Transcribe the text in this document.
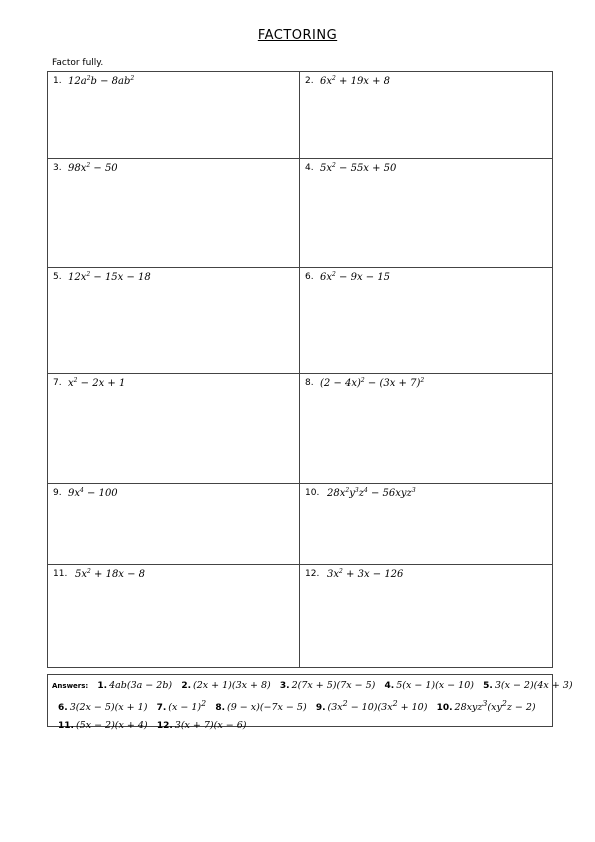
FACTORING
Factor fully.
1. $12a^2b - 8ab^2$	2. $6x^2 + 19x + 8$
3. $98x^2 - 50$	4. $5x^2 - 55x + 50$
5. $12x^2 - 15x - 18$	6. $6x^2 - 9x - 15$
7. $x^2 - 2x + 1$	8. $(2 - 4x)^2 - (3x + 7)^2$
9. $9x^4 - 100$	10. $28x^2y^3z^4 - 56xyz^3$
11. $5x^2 + 18x - 8$	12. $3x^2 + 3x - 126$
Answers: 1. 4ab(3a − 2b) 2. (2x + 1)(3x + 8) 3. 2(7x + 5)(7x − 5) 4. 5(x − 1)(x − 10) 5. 3(x − 2)(4x + 3)
6. 3(2x − 5)(x + 1) 7. $(x - 1)^2$ 8. (9 − x)(−7x − 5) 9. $(3x^2 - 10)(3x^2 + 10)$ 10. $28xyz^3(xy^2z - 2)$
11. (5x − 2)(x + 4) 12. 3(x + 7)(x − 6)
